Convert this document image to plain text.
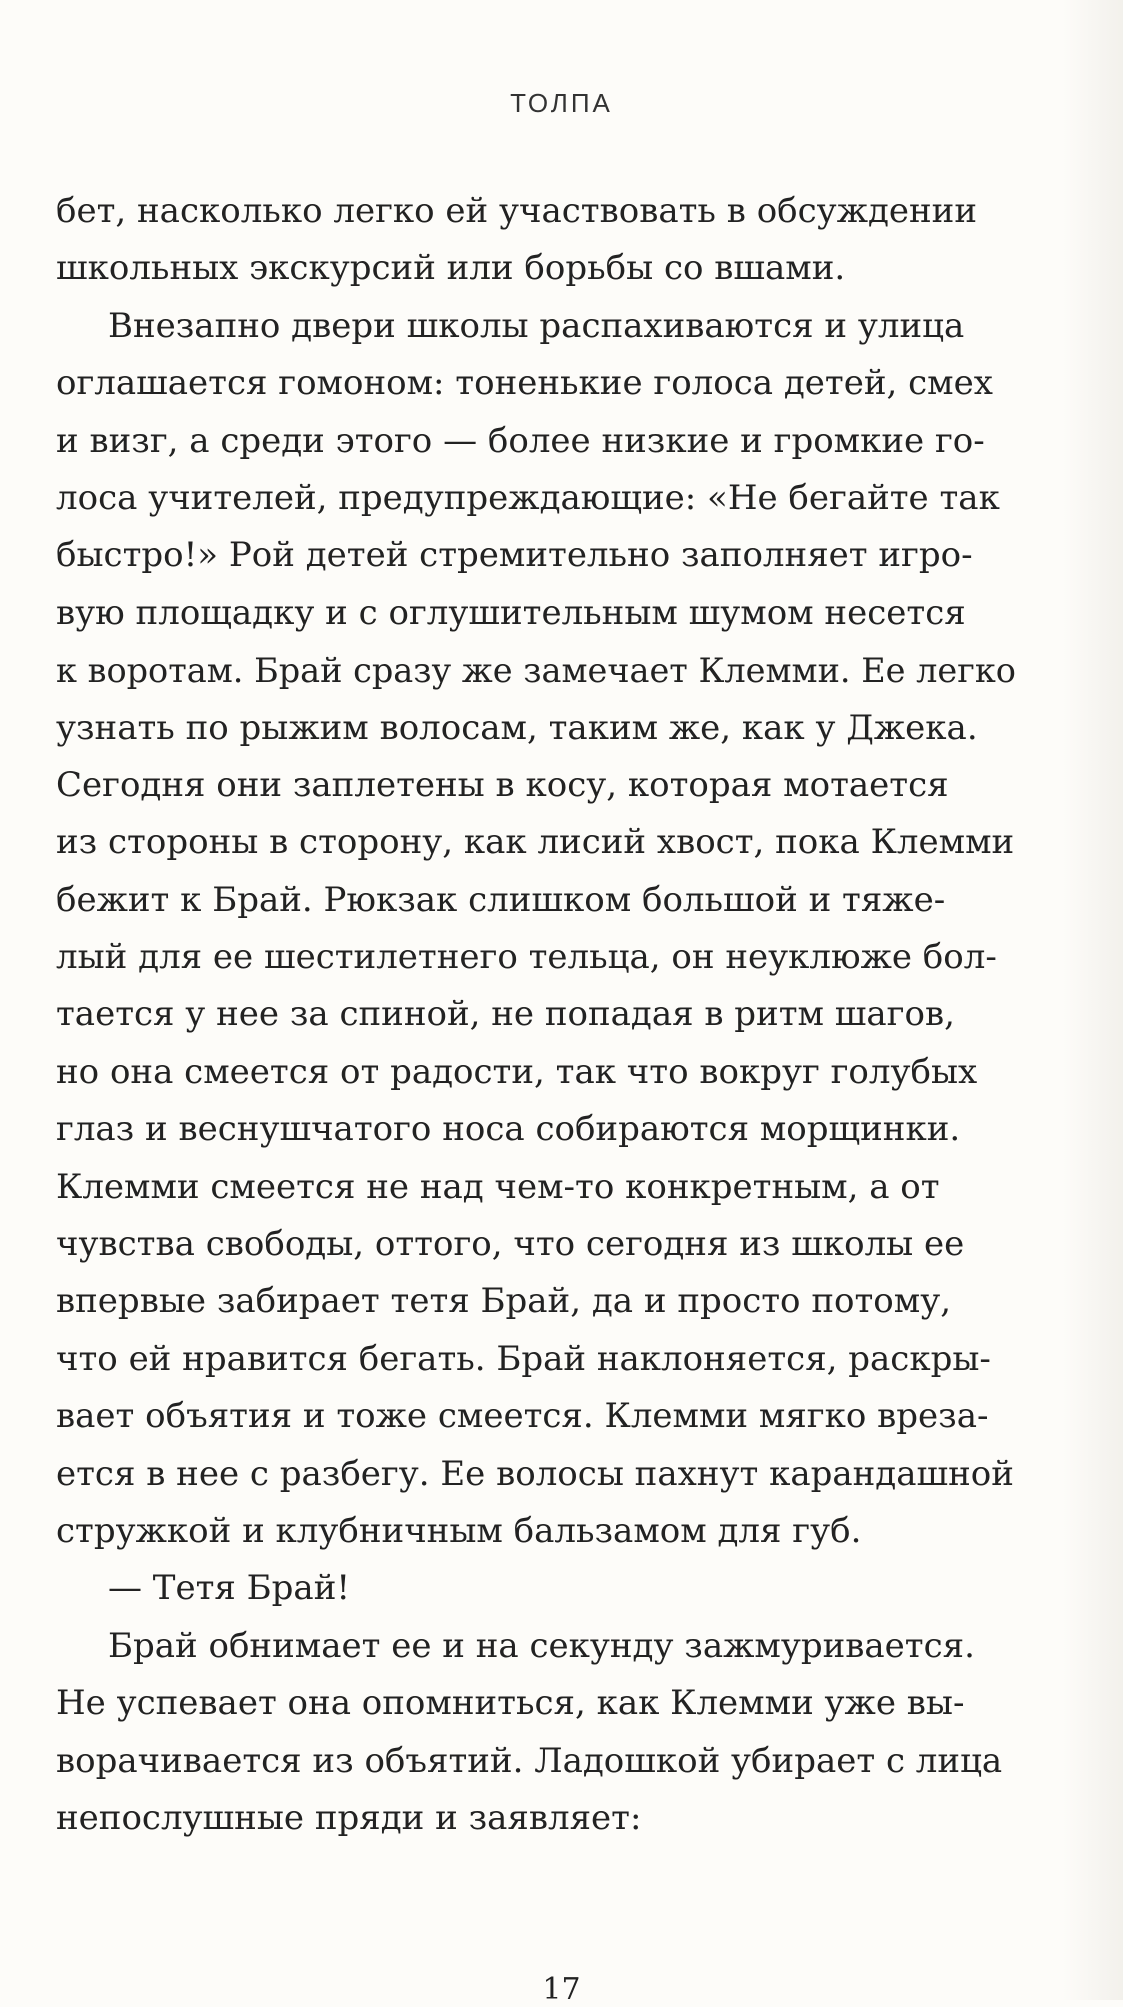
ТОЛПА
бет, насколько легко ей участвовать в обсуждении
школьных экскурсий или борьбы со вшами.
Внезапно двери школы распахиваются и улица
оглашается гомоном: тоненькие голоса детей, смех
и визг, а среди этого — более низкие и громкие го-
лоса учителей, предупреждающие: «Не бегайте так
быстро!» Рой детей стремительно заполняет игро-
вую площадку и с оглушительным шумом несется
к воротам. Брай сразу же замечает Клемми. Ее легко
узнать по рыжим волосам, таким же, как у Джека.
Сегодня они заплетены в косу, которая мотается
из стороны в сторону, как лисий хвост, пока Клемми
бежит к Брай. Рюкзак слишком большой и тяже-
лый для ее шестилетнего тельца, он неуклюже бол-
тается у нее за спиной, не попадая в ритм шагов,
но она смеется от радости, так что вокруг голубых
глаз и веснушчатого носа собираются морщинки.
Клемми смеется не над чем-то конкретным, а от
чувства свободы, оттого, что сегодня из школы ее
впервые забирает тетя Брай, да и просто потому,
что ей нравится бегать. Брай наклоняется, раскры-
вает объятия и тоже смеется. Клемми мягко вреза-
ется в нее с разбегу. Ее волосы пахнут карандашной
стружкой и клубничным бальзамом для губ.
— Тетя Брай!
Брай обнимает ее и на секунду зажмуривается.
Не успевает она опомниться, как Клемми уже вы-
ворачивается из объятий. Ладошкой убирает с лица
непослушные пряди и заявляет:
17
